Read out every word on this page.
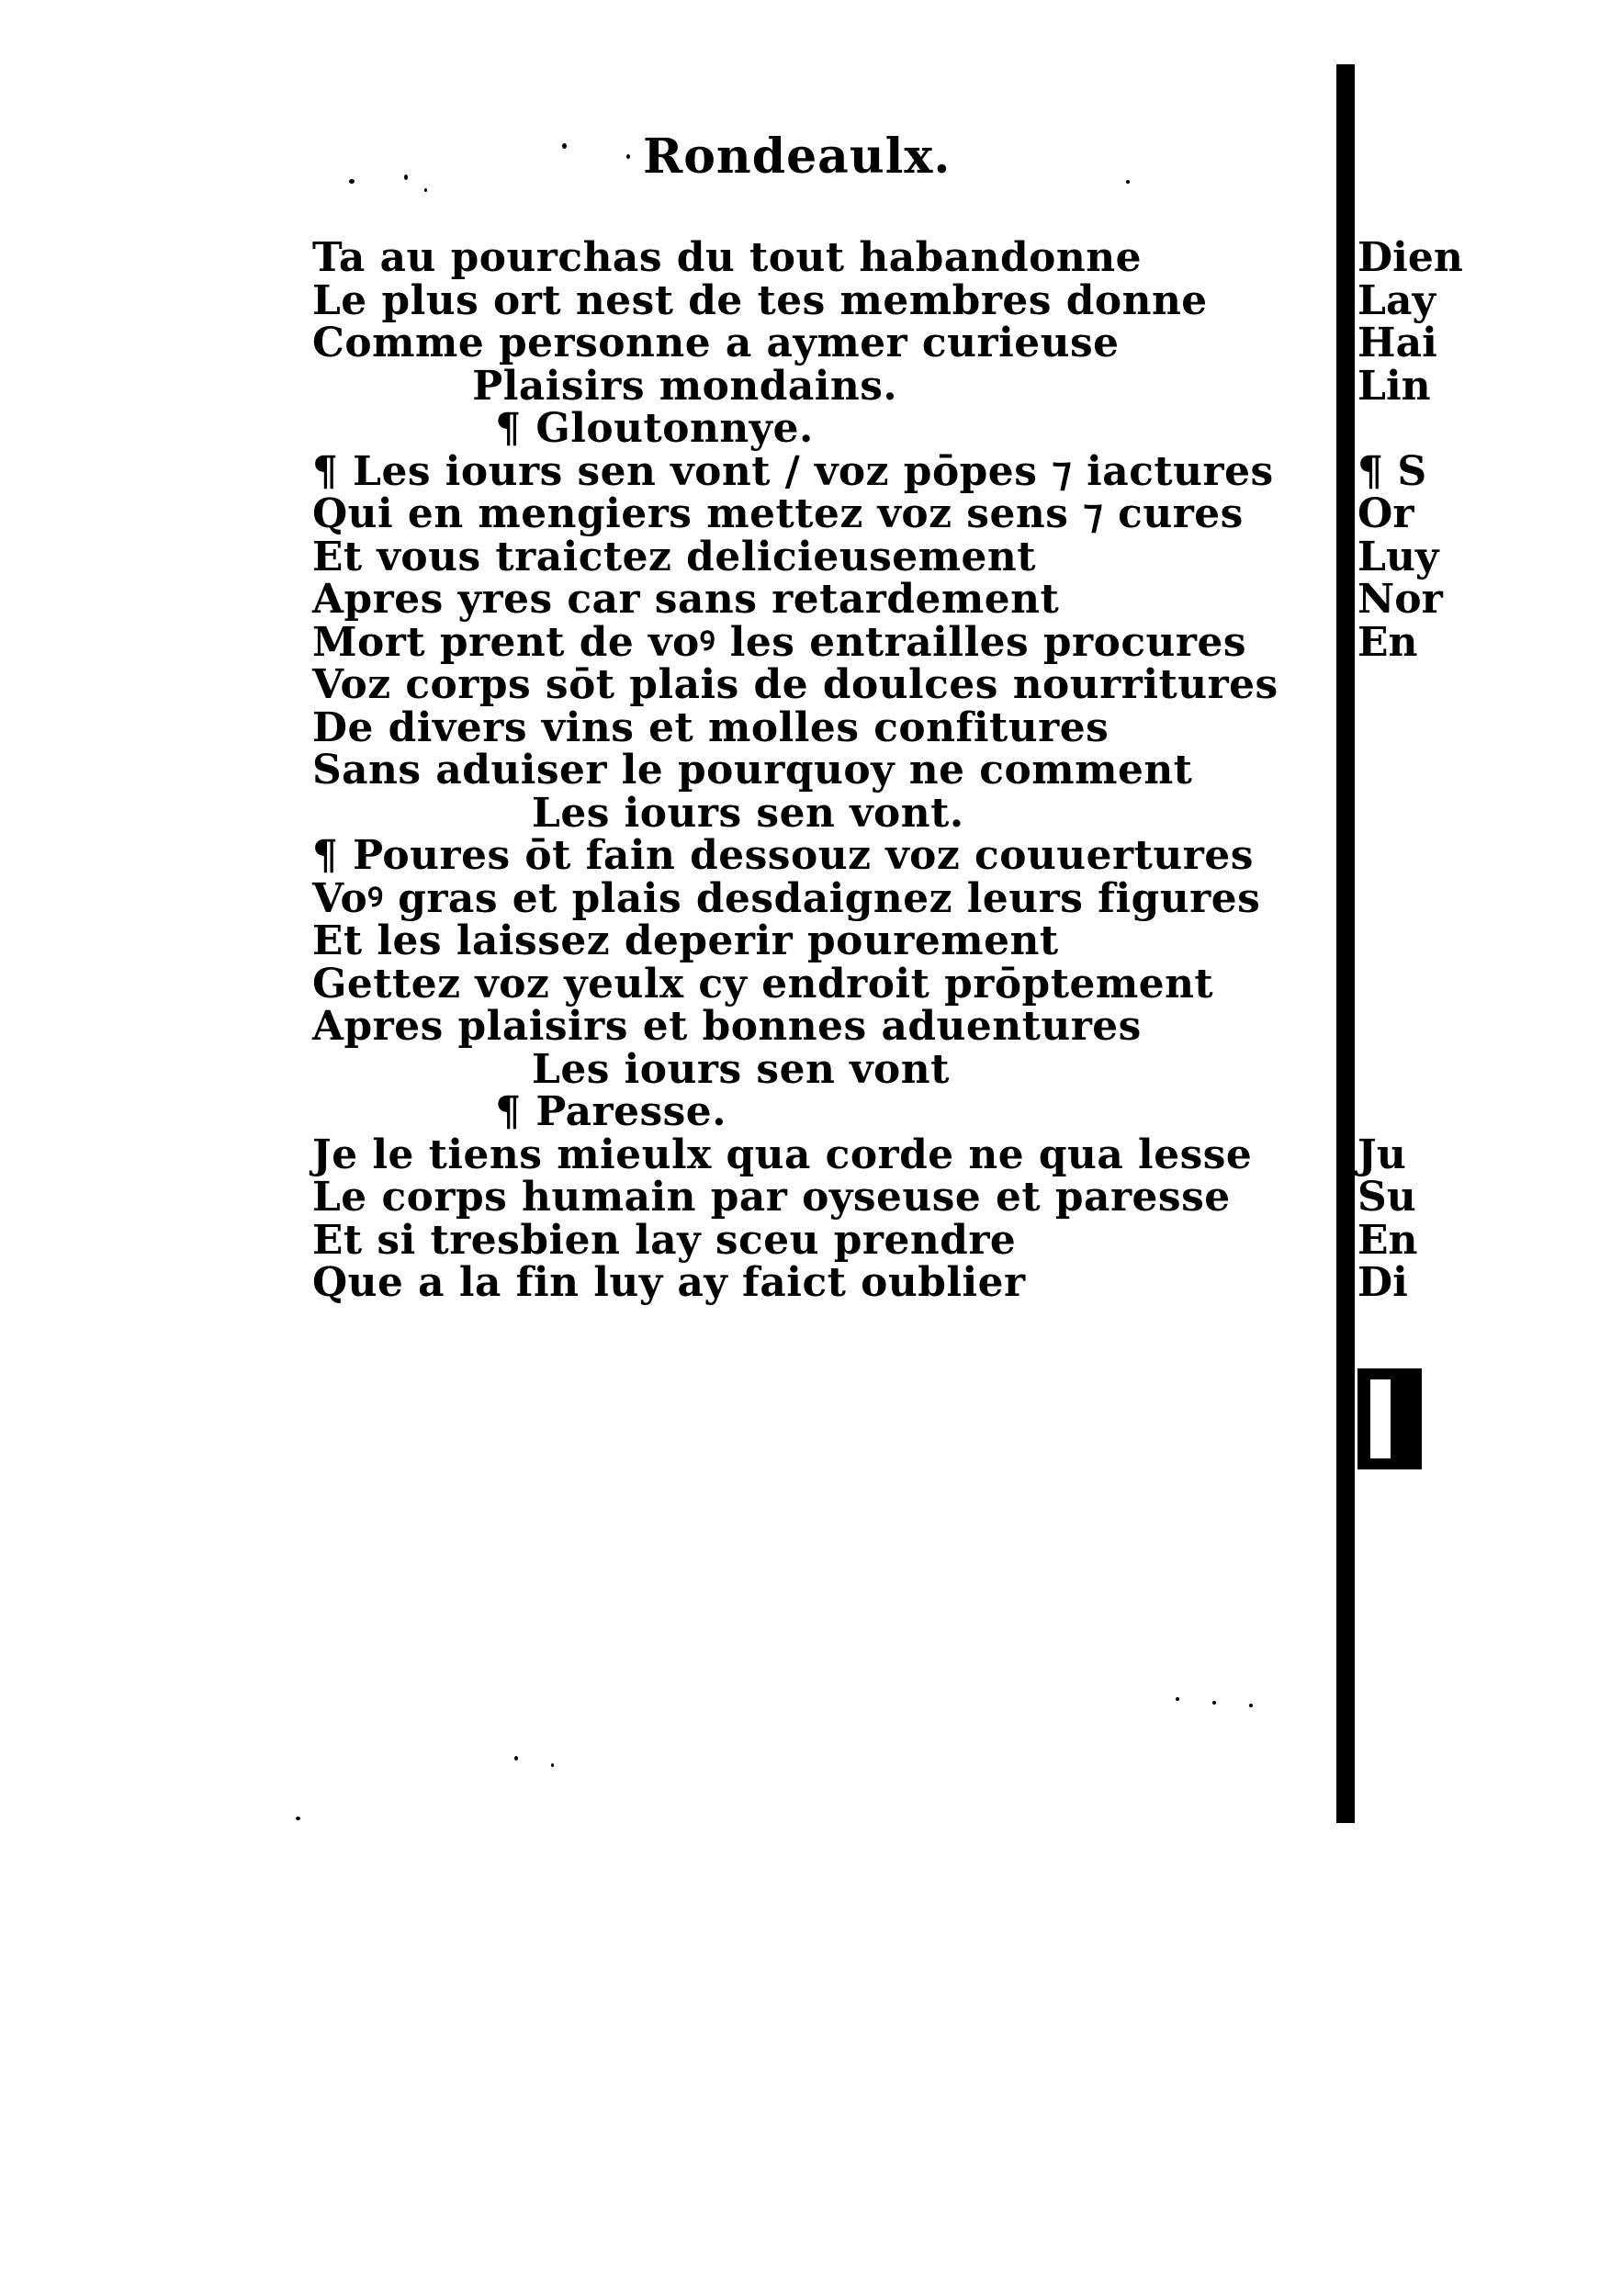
Rondeaulx.
Ta au pourchas du tout habandonne
Le plus ort nest de tes membres donne
Comme personne a aymer curieuse
Plaisirs mondains.
¶ Gloutonnye.
¶ Les iours sen vont / voz pōpes ⁊ iactures
Qui en mengiers mettez voz sens ⁊ cures
Et vous traictez delicieusement
Apres yres car sans retardement
Mort prent de voꝰ les entrailles procures
Voz corps sōt plais de doulces nourritures
De divers vins et molles confitures
Sans aduiser le pourquoy ne comment
Les iours sen vont.
¶ Poures ōt fain dessouz voz couuertures
Voꝰ gras et plais desdaignez leurs figures
Et les laissez deperir pourement
Gettez voz yeulx cy endroit prōptement
Apres plaisirs et bonnes aduentures
Les iours sen vont
¶ Paresse.
Je le tiens mieulx qua corde ne qua lesse
Le corps humain par oyseuse et paresse
Et si tresbien lay sceu prendre
Que a la fin luy ay faict oublier
Dien
Lay
Hai
Lin
¶ S
Or
Luy
Nor
En
Ju
Su
En
Di
